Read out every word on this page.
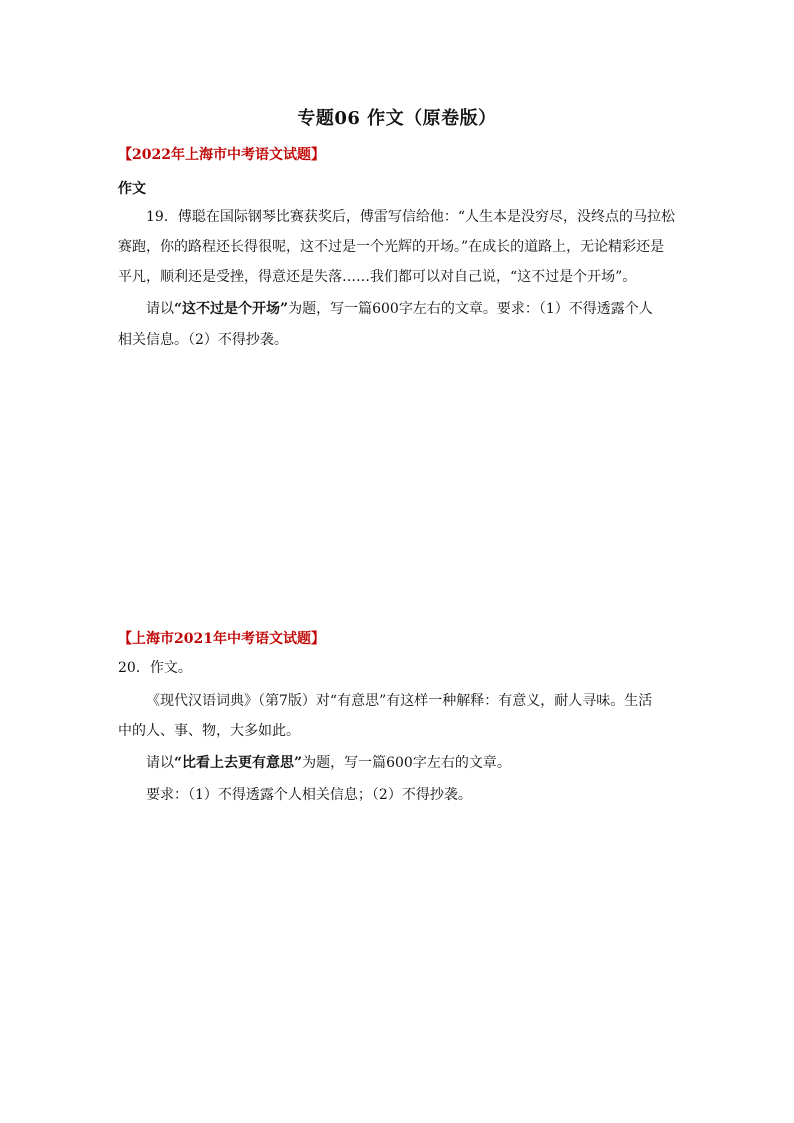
专题06 作文（原卷版）
【2022年上海市中考语文试题】
作文
19．傅聪在国际钢琴比赛获奖后，傅雷写信给他：“人生本是没穷尽，没终点的马拉松
赛跑，你的路程还长得很呢，这不过是一个光辉的开场。”在成长的道路上，无论精彩还是
平凡，顺利还是受挫，得意还是失落……我们都可以对自己说，“这不过是个开场”。
请以“这不过是个开场”为题，写一篇600字左右的文章。要求：（1）不得透露个人
相关信息。（2）不得抄袭。
【上海市2021年中考语文试题】
20．作文。
《现代汉语词典》（第7版）对“有意思”有这样一种解释：有意义，耐人寻味。生活
中的人、事、物，大多如此。
请以“比看上去更有意思”为题，写一篇600字左右的文章。
要求：（1）不得透露个人相关信息；（2）不得抄袭。
